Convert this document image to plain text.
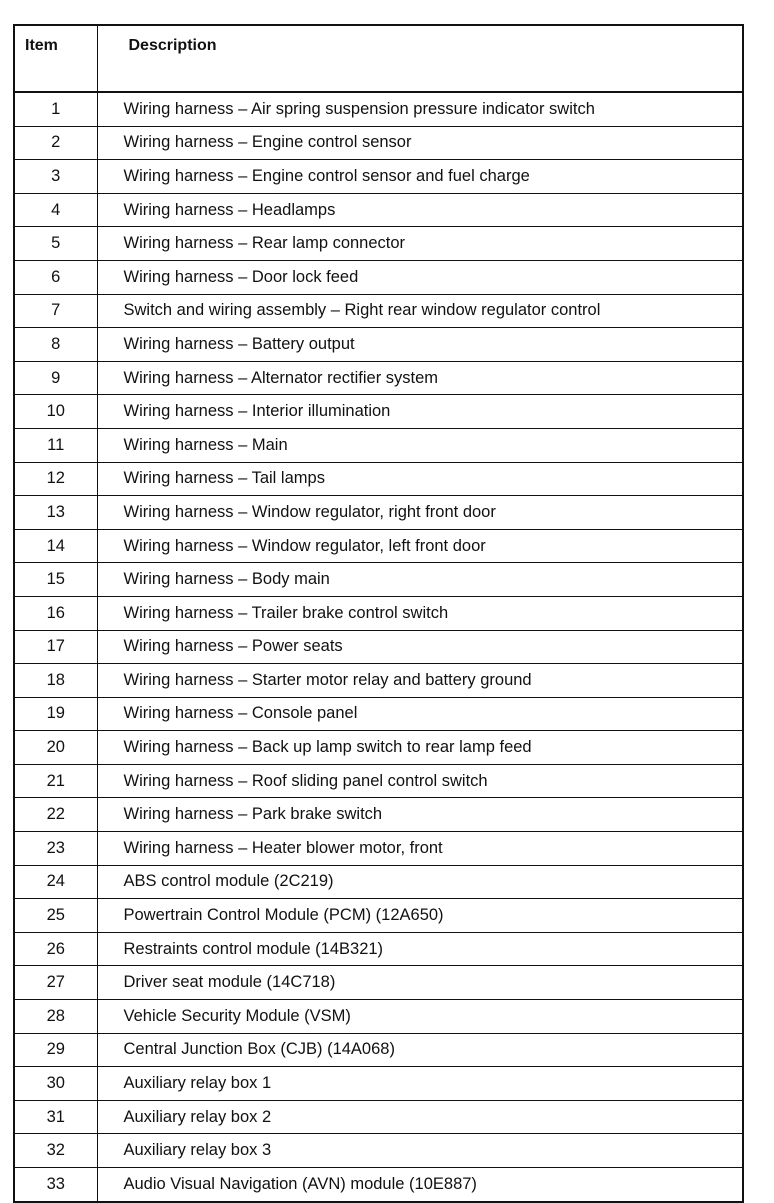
Item	Description
1	Wiring harness – Air spring suspension pressure indicator switch
2	Wiring harness – Engine control sensor
3	Wiring harness – Engine control sensor and fuel charge
4	Wiring harness – Headlamps
5	Wiring harness – Rear lamp connector
6	Wiring harness – Door lock feed
7	Switch and wiring assembly – Right rear window regulator control
8	Wiring harness – Battery output
9	Wiring harness – Alternator rectifier system
10	Wiring harness – Interior illumination
11	Wiring harness – Main
12	Wiring harness – Tail lamps
13	Wiring harness – Window regulator, right front door
14	Wiring harness – Window regulator, left front door
15	Wiring harness – Body main
16	Wiring harness – Trailer brake control switch
17	Wiring harness – Power seats
18	Wiring harness – Starter motor relay and battery ground
19	Wiring harness – Console panel
20	Wiring harness – Back up lamp switch to rear lamp feed
21	Wiring harness – Roof sliding panel control switch
22	Wiring harness – Park brake switch
23	Wiring harness – Heater blower motor, front
24	ABS control module (2C219)
25	Powertrain Control Module (PCM) (12A650)
26	Restraints control module (14B321)
27	Driver seat module (14C718)
28	Vehicle Security Module (VSM)
29	Central Junction Box (CJB) (14A068)
30	Auxiliary relay box 1
31	Auxiliary relay box 2
32	Auxiliary relay box 3
33	Audio Visual Navigation (AVN) module (10E887)
